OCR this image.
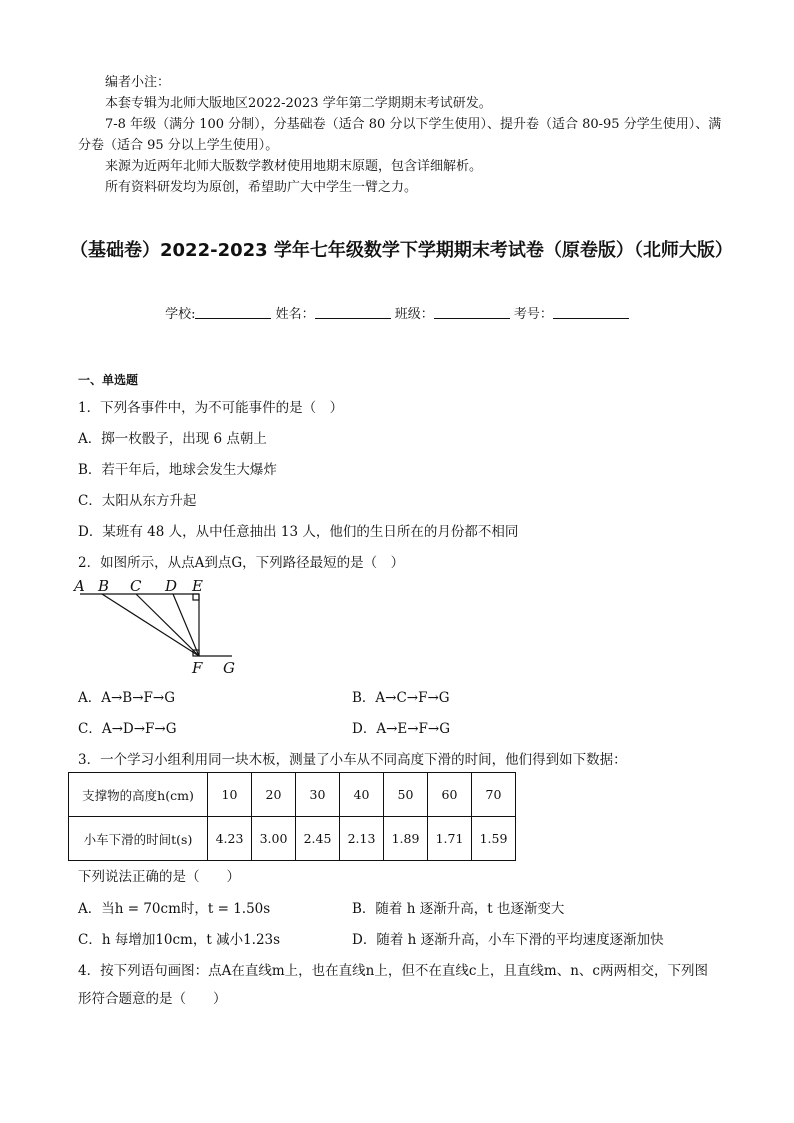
编者小注：

本套专辑为北师大版地区2022-2023 学年第二学期期末考试研发。

7-8 年级（满分 100 分制），分基础卷（适合 80 分以下学生使用）、提升卷（适合 80-95 分学生使用）、满分卷（适合 95 分以上学生使用）。

来源为近两年北师大版数学教材使用地期末原题，包含详细解析。

所有资料研发均为原创，希望助广大中学生一臂之力。

（基础卷）2022-2023 学年七年级数学下学期期末考试卷（原卷版）（北师大版）
学校:	姓名：	班级：	考号：
一、单选题
1．下列各事件中，为不可能事件的是（　）
A．掷一枚骰子，出现 6 点朝上
B．若干年后，地球会发生大爆炸
C．太阳从东方升起
D．某班有 48 人，从中任意抽出 13 人，他们的生日所在的月份都不相同
2．如图所示，从点A到点G，下列路径最短的是（　）
A B C D E
F G
A．A→B→F→G	B．A→C→F→G
C．A→D→F→G	D．A→E→F→G
3．一个学习小组利用同一块木板，测量了小车从不同高度下滑的时间，他们得到如下数据：
支撑物的高度h(cm)	10	20	30	40	50	60	70
小车下滑的时间t(s)	4.23	3.00	2.45	2.13	1.89	1.71	1.59
下列说法正确的是（　　）
A．当h = 70cm时，t = 1.50s	B．随着 h 逐渐升高，t 也逐渐变大
C．h 每增加10cm，t 减小1.23s	D．随着 h 逐渐升高，小车下滑的平均速度逐渐加快
4．按下列语句画图：点A在直线m上，也在直线n上，但不在直线c上，且直线m、n、c两两相交，下列图形符合题意的是（　　）
